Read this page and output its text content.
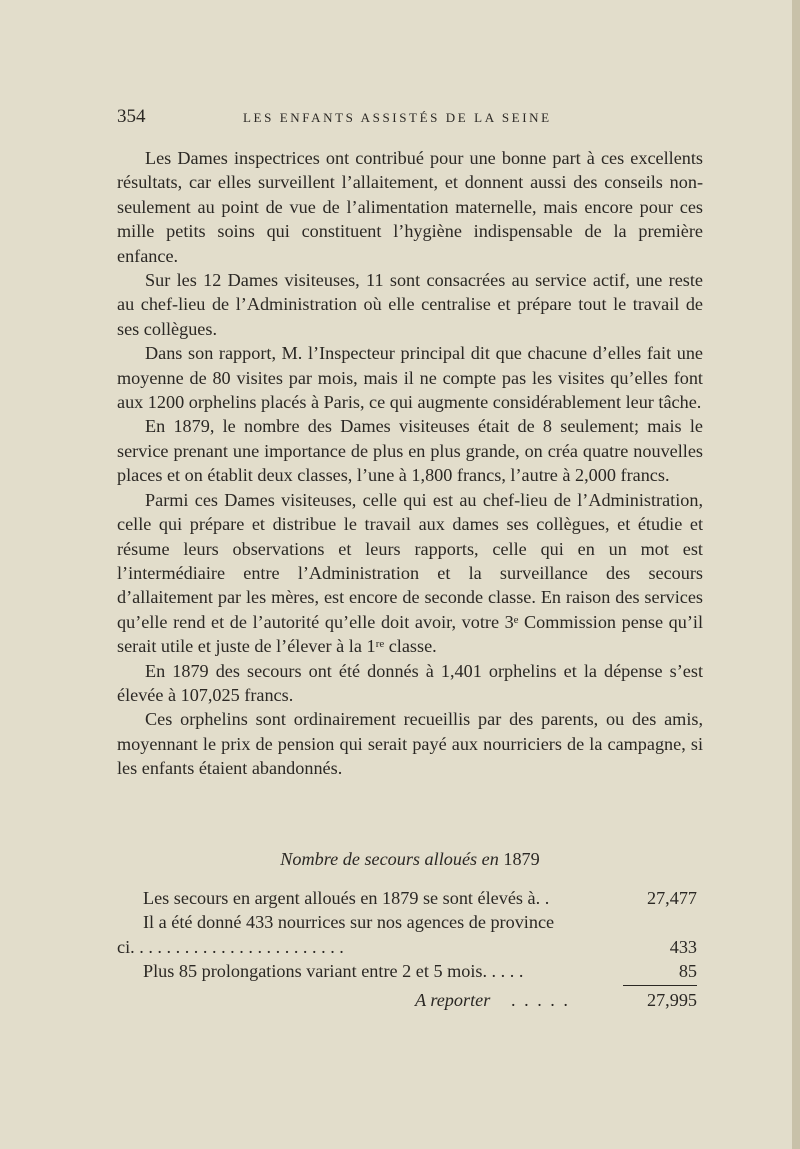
354	LES ENFANTS ASSISTÉS DE LA SEINE

Les Dames inspectrices ont contribué pour une bonne part à ces excellents résultats, car elles surveillent l’allaitement, et donnent aussi des conseils non-seulement au point de vue de l’alimentation maternelle, mais encore pour ces mille petits soins qui constituent l’hygiène indispensable de la première enfance.

Sur les 12 Dames visiteuses, 11 sont consacrées au service actif, une reste au chef-lieu de l’Administration où elle centralise et prépare tout le travail de ses collègues.

Dans son rapport, M. l’Inspecteur principal dit que chacune d’elles fait une moyenne de 80 visites par mois, mais il ne compte pas les visites qu’elles font aux 1200 orphelins placés à Paris, ce qui augmente considérablement leur tâche.

En 1879, le nombre des Dames visiteuses était de 8 seulement; mais le service prenant une importance de plus en plus grande, on créa quatre nouvelles places et on établit deux classes, l’une à 1,800 francs, l’autre à 2,000 francs.

Parmi ces Dames visiteuses, celle qui est au chef-lieu de l’Administration, celle qui prépare et distribue le travail aux dames ses collègues, et étudie et résume leurs observations et leurs rapports, celle qui en un mot est l’intermédiaire entre l’Administration et la surveillance des secours d’allaitement par les mères, est encore de seconde classe. En raison des services qu’elle rend et de l’autorité qu’elle doit avoir, votre 3ᵉ Commission pense qu’il serait utile et juste de l’élever à la 1ʳᵉ classe.

En 1879 des secours ont été donnés à 1,401 orphelins et la dépense s’est élevée à 107,025 francs.

Ces orphelins sont ordinairement recueillis par des parents, ou des amis, moyennant le prix de pension qui serait payé aux nourriciers de la campagne, si les enfants étaient abandonnés.

Nombre de secours alloués en 1879
Les secours en argent alloués en 1879 se sont élevés à. .	27,477
Il a été donné 433 nourrices sur nos agences de province
ci. . . . . . . . . . . . . . . . . . . . . . . .	433
Plus 85 prolongations variant entre 2 et 5 mois. . . . .	85
A reporter . . . . .	27,995
